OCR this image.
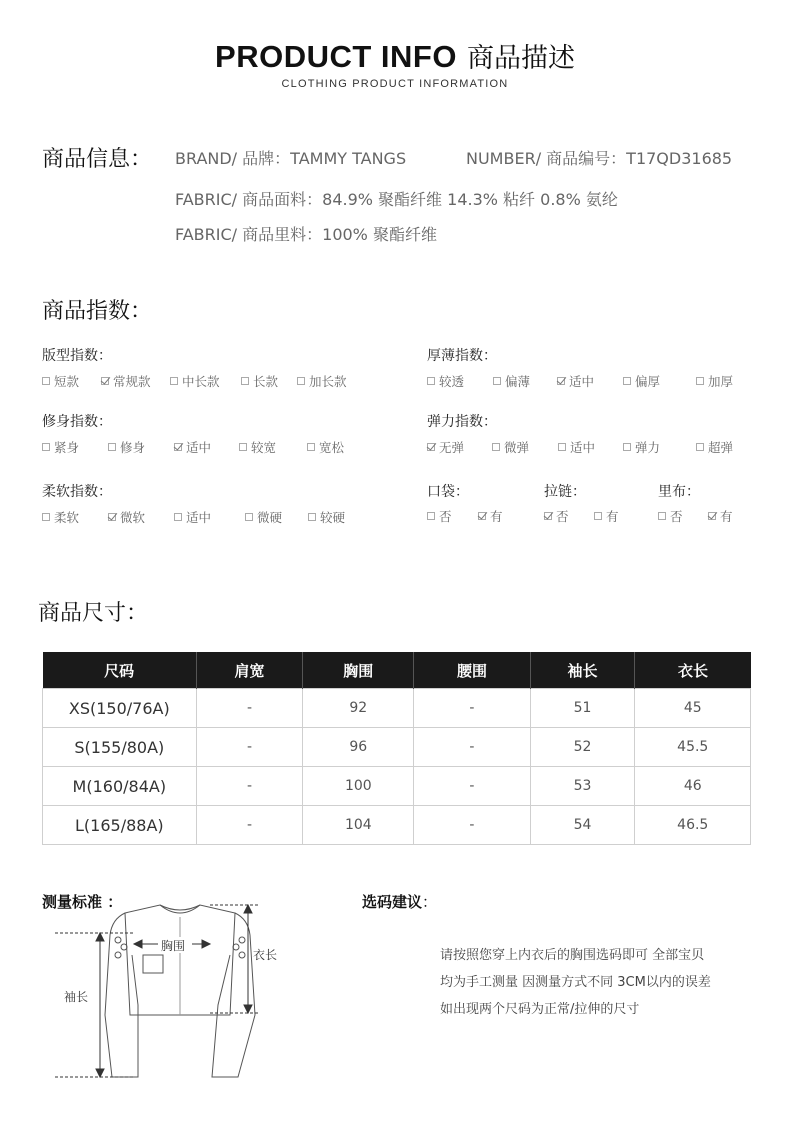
PRODUCT INFO 商品描述
CLOTHING PRODUCT INFORMATION
商品信息： BRAND/ 品牌：TAMMY TANGS	NUMBER/ 商品编号：T17QD31685
FABRIC/ 商品面料：84.9% 聚酯纤维 14.3% 粘纤 0.8% 氨纶
FABRIC/ 商品里料：100% 聚酯纤维
商品指数：
版型指数：
短款	常规款	中长款	长款 加长款
厚薄指数：
较透	偏薄	适中	偏厚	加厚
修身指数：
紧身	修身	适中	较宽	宽松
弹力指数：
无弹	微弹	适中	弹力	超弹
柔软指数：
柔软	微软	适中	微硬	较硬
口袋：
否	有
拉链：
否	有
里布：
否	有
商品尺寸：
尺码	肩宽	胸围	腰围	袖长	衣长
XS(150/76A)	-	92	-	51	45
S(155/80A)	-	96	-	52	45.5
M(160/84A)	-	100	-	53	46
L(165/88A)	-	104	-	54	46.5
测量标准 ：
胸围
衣长
袖长
选码建议：
请按照您穿上内衣后的胸围选码即可 全部宝贝
均为手工测量 因测量方式不同 3CM以内的误差
如出现两个尺码为正常/拉伸的尺寸
